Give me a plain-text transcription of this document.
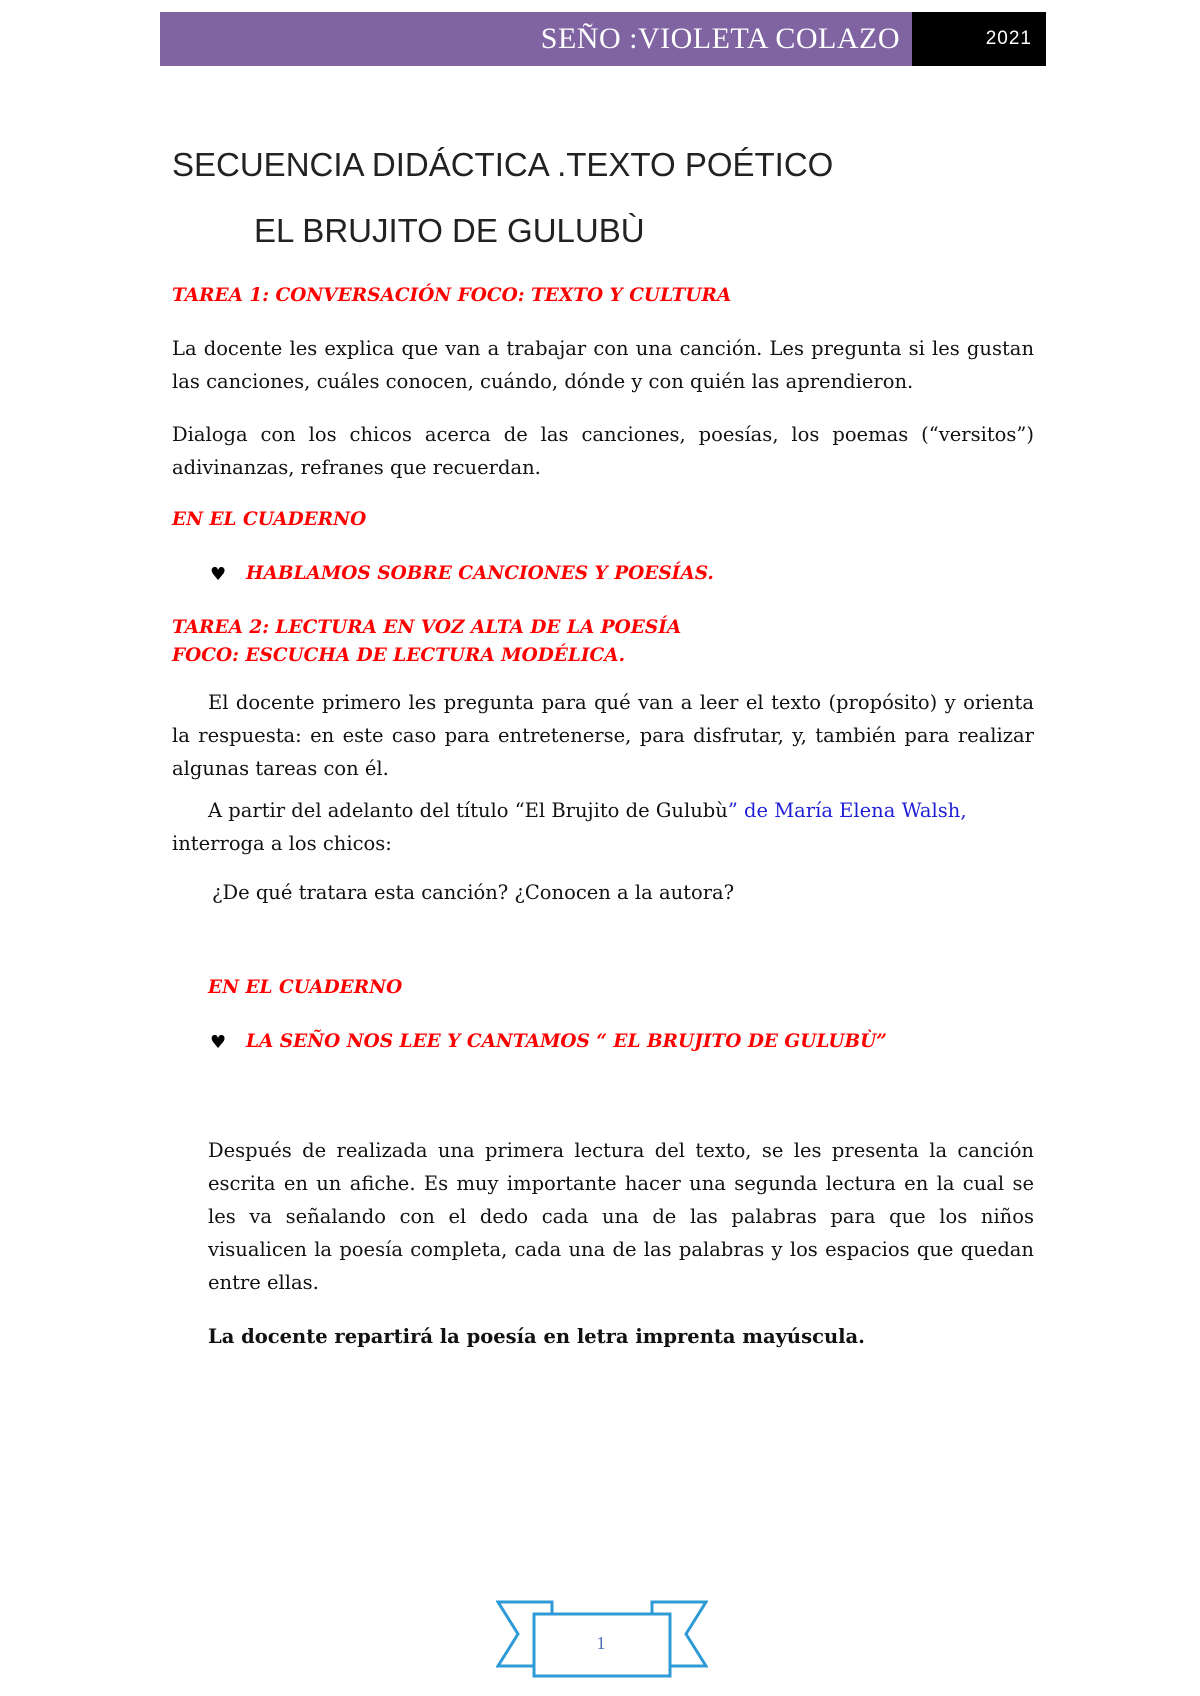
SEÑO :VIOLETA COLAZO	2021
SECUENCIA DIDÁCTICA .TEXTO POÉTICO
EL BRUJITO DE GULUBÙ
TAREA 1: CONVERSACIÓN FOCO: TEXTO Y CULTURA
La docente les explica que van a trabajar con una canción. Les pregunta si les gustan las canciones, cuáles conocen, cuándo, dónde y con quién las aprendieron.
Dialoga con los chicos acerca de las canciones, poesías, los poemas (“versitos”) adivinanzas, refranes que recuerdan.
EN EL CUADERNO
♥	HABLAMOS SOBRE CANCIONES Y POESÍAS.
TAREA 2: LECTURA EN VOZ ALTA DE LA POESÍA
FOCO: ESCUCHA DE LECTURA MODÉLICA.
El docente primero les pregunta para qué van a leer el texto (propósito) y orienta la respuesta: en este caso para entretenerse, para disfrutar, y, también para realizar algunas tareas con él.
A partir del adelanto del título “El Brujito de Gulubù” de María Elena Walsh,
interroga a los chicos:
¿De qué tratara esta canción? ¿Conocen a la autora?
EN EL CUADERNO
♥	LA SEÑO NOS LEE Y CANTAMOS “ EL BRUJITO DE GULUBÙ”
Después de realizada una primera lectura del texto, se les presenta la canción escrita en un afiche. Es muy importante hacer una segunda lectura en la cual se les va señalando con el dedo cada una de las palabras para que los niños visualicen la poesía completa, cada una de las palabras y los espacios que quedan entre ellas.
La docente repartirá la poesía en letra imprenta mayúscula.
1
